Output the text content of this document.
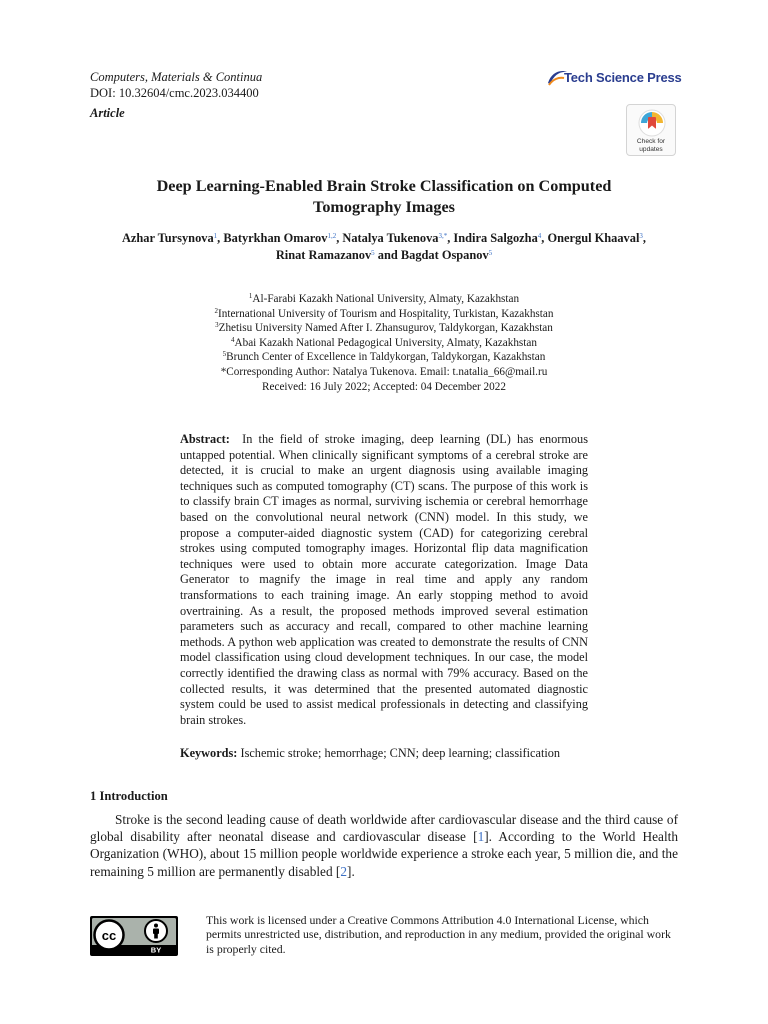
Computers, Materials & Continua
DOI: 10.32604/cmc.2023.034400
Article
Tech Science Press
Check for
updates
Deep Learning-Enabled Brain Stroke Classification on Computed
Tomography Images
Azhar Tursynova$^1$, Batyrkhan Omarov$^{1,2}$, Natalya Tukenova$^{3,*}$, Indira Salgozha$^4$, Onergul Khaaval$^3$,
Rinat Ramazanov$^5$ and Bagdat Ospanov$^5$
$^1$Al-Farabi Kazakh National University, Almaty, Kazakhstan
$^2$International University of Tourism and Hospitality, Turkistan, Kazakhstan
$^3$Zhetisu University Named After I. Zhansugurov, Taldykorgan, Kazakhstan
$^4$Abai Kazakh National Pedagogical University, Almaty, Kazakhstan
$^5$Brunch Center of Excellence in Taldykorgan, Taldykorgan, Kazakhstan
*Corresponding Author: Natalya Tukenova. Email: t.natalia_66@mail.ru
Received: 16 July 2022; Accepted: 04 December 2022
Abstract: In the field of stroke imaging, deep learning (DL) has enormous untapped potential. When clinically significant symptoms of a cerebral stroke are detected, it is crucial to make an urgent diagnosis using available imaging techniques such as computed tomography (CT) scans. The purpose of this work is to classify brain CT images as normal, surviving ischemia or cerebral hemorrhage based on the convolutional neural network (CNN) model. In this study, we propose a computer-aided diagnostic system (CAD) for categorizing cerebral strokes using computed tomography images. Horizontal flip data magnification techniques were used to obtain more accurate categorization. Image Data Generator to magnify the image in real time and apply any random transformations to each training image. An early stopping method to avoid overtraining. As a result, the proposed methods improved several estimation parameters such as accuracy and recall, compared to other machine learning methods. A python web application was created to demonstrate the results of CNN model classification using cloud development techniques. In our case, the model correctly identified the drawing class as normal with 79% accuracy. Based on the collected results, it was determined that the presented automated diagnostic system could be used to assist medical professionals in detecting and classifying brain strokes.
Keywords: Ischemic stroke; hemorrhage; CNN; deep learning; classification
1 Introduction
Stroke is the second leading cause of death worldwide after cardiovascular disease and the third cause of global disability after neonatal disease and cardiovascular disease [1]. According to the World Health Organization (WHO), about 15 million people worldwide experience a stroke each year, 5 million die, and the remaining 5 million are permanently disabled [2].
cc
BY
This work is licensed under a Creative Commons Attribution 4.0 International License, which permits unrestricted use, distribution, and reproduction in any medium, provided the original work is properly cited.
